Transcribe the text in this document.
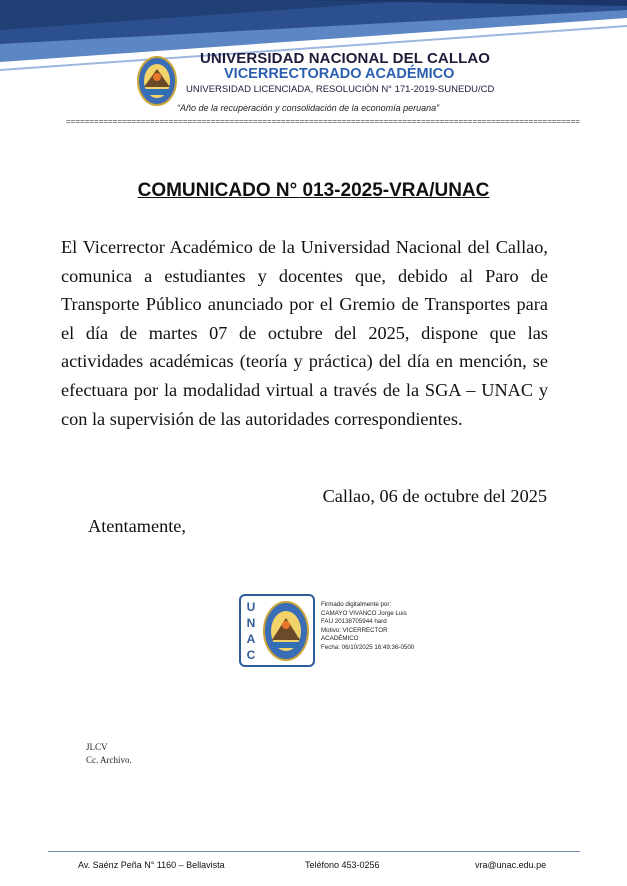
UNIVERSIDAD NACIONAL DEL CALLAO
VICERRECTORADO ACADÉMICO
UNIVERSIDAD LICENCIADA, RESOLUCIÓN N° 171-2019-SUNEDU/CD
“Año de la recuperación y consolidación de la economía peruana”
==============================================================================================================
COMUNICADO N° 013-2025-VRA/UNAC
El Vicerrector Académico de la Universidad Nacional del Callao, comunica a estudiantes y docentes que, debido al Paro de Transporte Público anunciado por el Gremio de Transportes para el día de martes 07 de octubre del 2025, dispone que las actividades académicas (teoría y práctica) del día en mención, se efectuara por la modalidad virtual a través de la SGA – UNAC y con la supervisión de las autoridades correspondientes.
Callao, 06 de octubre del 2025
Atentamente,
U
N
A
C
Firmado digitalmente por:
CAMAYO VIVANCO Jorge Luis
FAU 20138705944 hard
Motivo: VICERRECTOR
ACADÉMICO
Fecha: 06/10/2025 16:49:36-0500
JLCV
Cc. Archivo.
Av. Saénz Peña N° 1160 – Bellavista	Teléfono 453-0256	vra@unac.edu.pe
